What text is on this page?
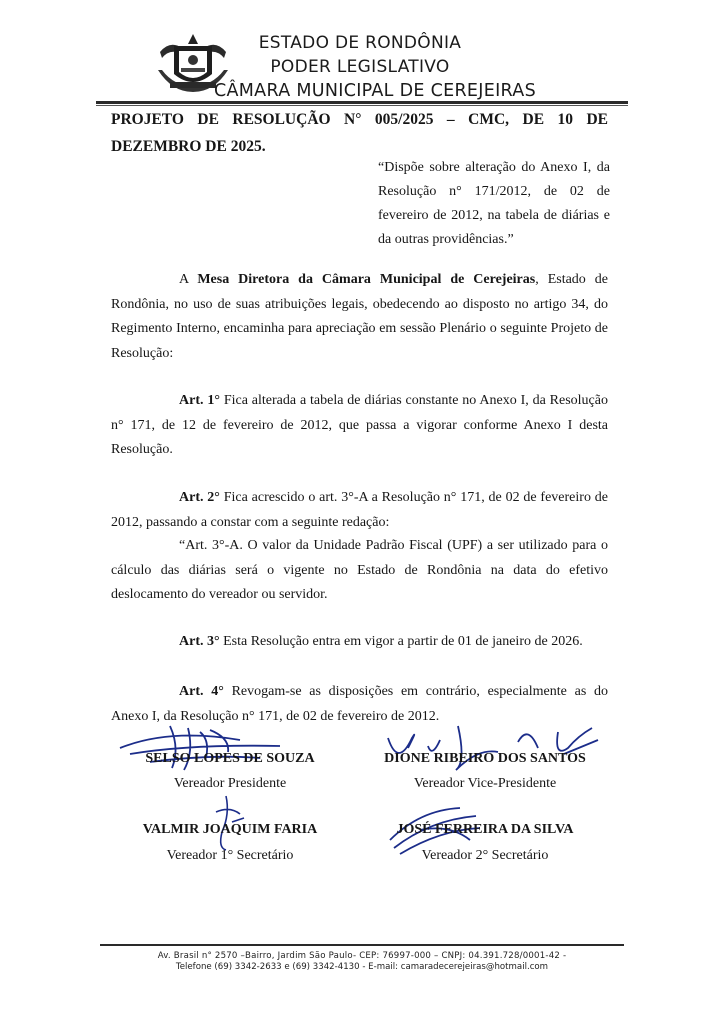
ESTADO DE RONDÔNIA
PODER LEGISLATIVO
CÂMARA MUNICIPAL DE CEREJEIRAS
PROJETO DE RESOLUÇÃO N° 005/2025 – CMC, DE 10 DE DEZEMBRO DE 2025.
“Dispõe sobre alteração do Anexo I, da Resolução n° 171/2012, de 02 de fevereiro de 2012, na tabela de diárias e da outras providências.”
A Mesa Diretora da Câmara Municipal de Cerejeiras, Estado de Rondônia, no uso de suas atribuições legais, obedecendo ao disposto no artigo 34, do Regimento Interno, encaminha para apreciação em sessão Plenário o seguinte Projeto de Resolução:
Art. 1° Fica alterada a tabela de diárias constante no Anexo I, da Resolução n° 171, de 12 de fevereiro de 2012, que passa a vigorar conforme Anexo I desta Resolução.
Art. 2° Fica acrescido o art. 3°-A a Resolução n° 171, de 02 de fevereiro de 2012, passando a constar com a seguinte redação:
“Art. 3°-A. O valor da Unidade Padrão Fiscal (UPF) a ser utilizado para o cálculo das diárias será o vigente no Estado de Rondônia na data do efetivo deslocamento do vereador ou servidor.
Art. 3° Esta Resolução entra em vigor a partir de 01 de janeiro de 2026.
Art. 4° Revogam-se as disposições em contrário, especialmente as do Anexo I, da Resolução n° 171, de 02 de fevereiro de 2012.
SELSO LOPES DE SOUZA
Vereador Presidente
DIONE RIBEIRO DOS SANTOS
Vereador Vice-Presidente
VALMIR JOAQUIM FARIA
Vereador 1° Secretário
JOSÉ FERREIRA DA SILVA
Vereador 2° Secretário
Av. Brasil n° 2570 –Bairro, Jardim São Paulo- CEP: 76997-000 – CNPJ: 04.391.728/0001-42 -
Telefone (69) 3342-2633 e (69) 3342-4130 - E-mail: camaradecerejeiras@hotmail.com
